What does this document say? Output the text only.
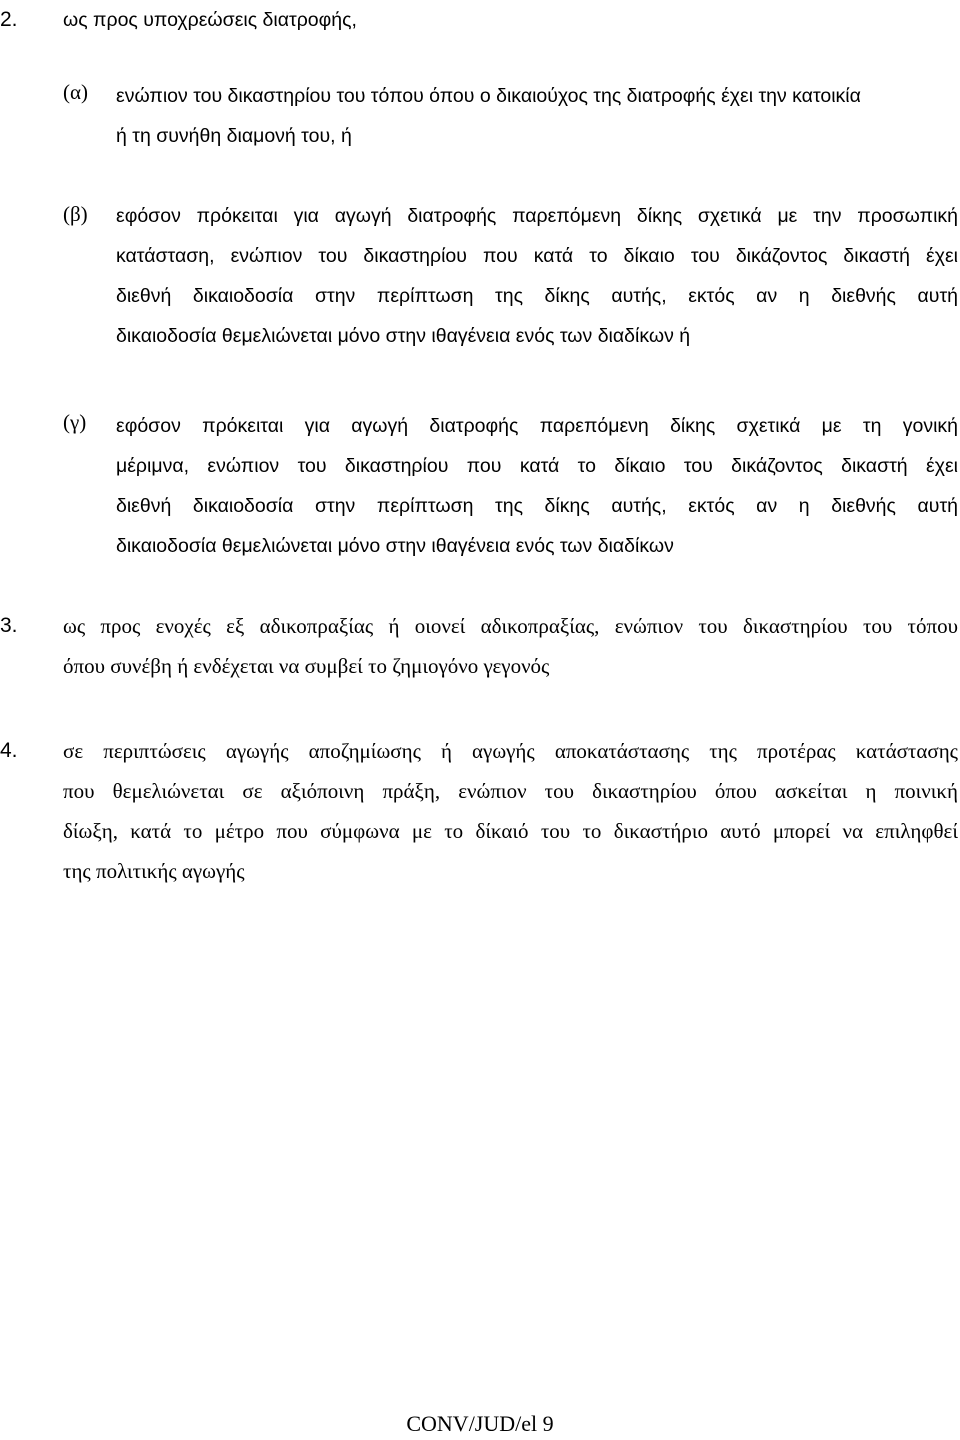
2. ως προς υποχρεώσεις διατροφής,
(α) ενώπιον του δικαστηρίου του τόπου όπου ο δικαιούχος της διατροφής έχει την κατοικία
ή τη συνήθη διαμονή του, ή
(β) εφόσον πρόκειται για αγωγή διατροφής παρεπόμενη δίκης σχετικά με την προσωπική
κατάσταση, ενώπιον του δικαστηρίου που κατά το δίκαιο του δικάζοντος δικαστή έχει
διεθνή δικαιοδοσία στην περίπτωση της δίκης αυτής, εκτός αν η διεθνής αυτή
δικαιοδοσία θεμελιώνεται μόνο στην ιθαγένεια ενός των διαδίκων ή
(γ) εφόσον πρόκειται για αγωγή διατροφής παρεπόμενη δίκης σχετικά με τη γονική
μέριμνα, ενώπιον του δικαστηρίου που κατά το δίκαιο του δικάζοντος δικαστή έχει
διεθνή δικαιοδοσία στην περίπτωση της δίκης αυτής, εκτός αν η διεθνής αυτή
δικαιοδοσία θεμελιώνεται μόνο στην ιθαγένεια ενός των διαδίκων
3. ως προς ενοχές εξ αδικοπραξίας ή οιονεί αδικοπραξίας, ενώπιον του δικαστηρίου του τόπου
όπου συνέβη ή ενδέχεται να συμβεί το ζημιογόνο γεγονός
4. σε περιπτώσεις αγωγής αποζημίωσης ή αγωγής αποκατάστασης της προτέρας κατάστασης
που θεμελιώνεται σε αξιόποινη πράξη, ενώπιον του δικαστηρίου όπου ασκείται η ποινική
δίωξη, κατά το μέτρο που σύμφωνα με το δίκαιό του το δικαστήριο αυτό μπορεί να επιληφθεί
της πολιτικής αγωγής
CONV/JUD/el 9
